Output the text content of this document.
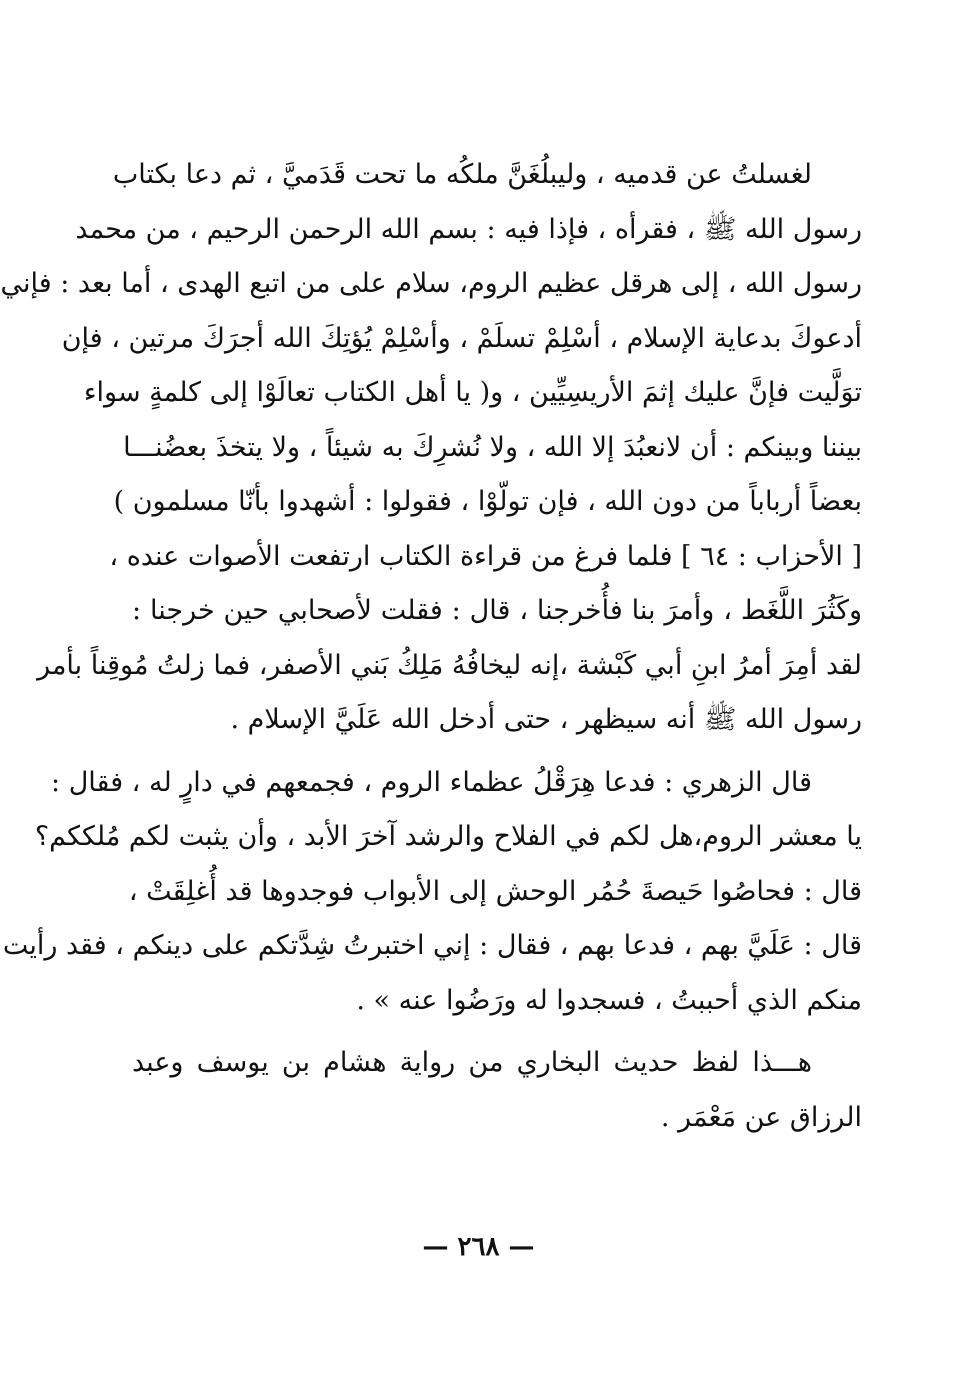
لغسلتُ عن قدميه ، وليبلُغَنَّ ملكُه ما تحت قَدَميَّ ، ثم دعا بكتاب
رسول الله ﷺ ، فقرأه ، فإذا فيه : بسم الله الرحمن الرحيم ، من محمد
رسول الله ، إلى هرقل عظيم الروم، سلام على من اتبع الهدى ، أما بعد : فإني
أدعوكَ بدعاية الإسلام ، أسْلِمْ تسلَمْ ، وأسْلِمْ يُؤتِكَ الله أجرَكَ مرتين ، فإن
توَلَّيت فإنَّ عليك إثمَ الأريسِيِّين ، و( يا أهل الكتاب تعالَوْا إلى كلمةٍ سواء
بيننا وبينكم : أن لانعبُدَ إلا الله ، ولا نُشرِكَ به شيئاً ، ولا يتخذَ بعضُنـــا
بعضاً أرباباً من دون الله ، فإن تولّوْا ، فقولوا : أشهدوا بأنّا مسلمون )
[ الأحزاب : ٦٤ ] فلما فرغ من قراءة الكتاب ارتفعت الأصوات عنده ،
وكَثُرَ اللَّغَط ، وأمرَ بنا فأُخرجنا ، قال : فقلت لأصحابي حين خرجنا :
لقد أمِرَ أمرُ ابنِ أبي كَبْشة ،إنه ليخافُهُ مَلِكُ بَني الأصفر، فما زلتُ مُوقِناً بأمر
رسول الله ﷺ أنه سيظهر ، حتى أدخل الله عَلَيَّ الإسلام .
قال الزهري : فدعا هِرَقْلُ عظماء الروم ، فجمعهم في دارٍ له ، فقال :
يا معشر الروم،هل لكم في الفلاح والرشد آخرَ الأبد ، وأن يثبت لكم مُلككم؟
قال : فحاصُوا حَيصةَ حُمُر الوحش إلى الأبواب فوجدوها قد أُغلِقَتْ ،
قال : عَلَيَّ بهم ، فدعا بهم ، فقال : إني اختبرتُ شِدَّتكم على دينكم ، فقد رأيت
منكم الذي أحببتُ ، فسجدوا له ورَضُوا عنه » .
هـــذا لفظ حديث البخاري من رواية هشام بن يوسف وعبد
الرزاق عن مَعْمَر .
— ٢٦٨ —
